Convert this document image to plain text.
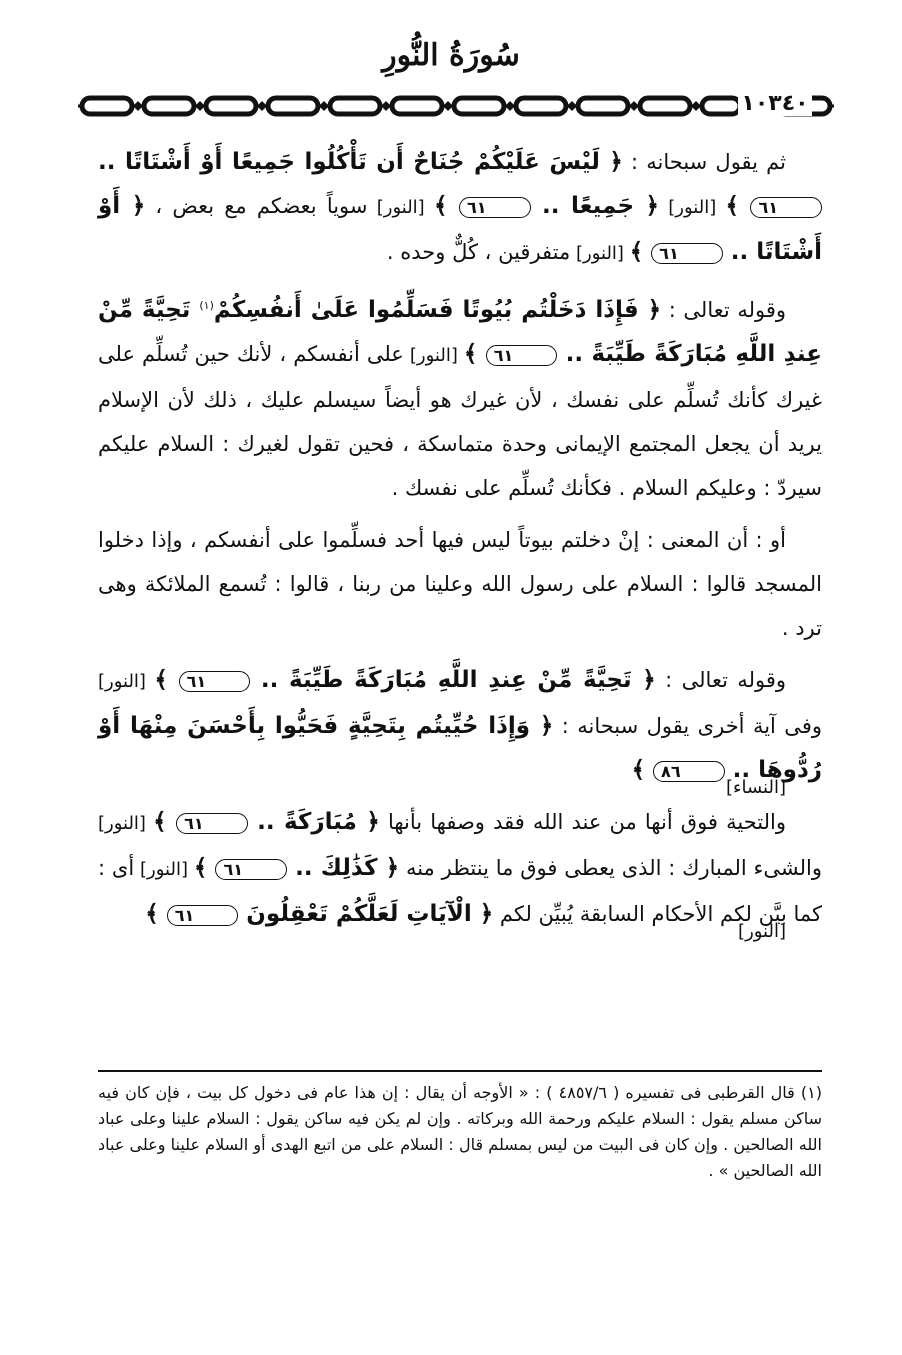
سُورَةُ النُّورِ
١٠٣٤٠

ثم يقول سبحانه : ﴿ لَيْسَ عَلَيْكُمْ جُنَاحٌ أَن تَأْكُلُوا جَمِيعًا أَوْ أَشْتَاتًا .. ٦١ ﴾ [النور] ﴿ جَمِيعًا .. ٦١ ﴾ [النور] سوياً بعضكم مع بعض ، ﴿ أَوْ أَشْتَاتًا .. ٦١ ﴾ [النور] متفرقين ، كُلٌّ وحده .

وقوله تعالى : ﴿ فَإِذَا دَخَلْتُم بُيُوتًا فَسَلِّمُوا عَلَىٰ أَنفُسِكُمْ$^{(١)}$ تَحِيَّةً مِّنْ عِندِ اللَّهِ مُبَارَكَةً طَيِّبَةً .. ٦١ ﴾ [النور] على أنفسكم ، لأنك حين تُسلِّم على غيرك كأنك تُسلِّم على نفسك ، لأن غيرك هو أيضاً سيسلم عليك ، ذلك لأن الإسلام يريد أن يجعل المجتمع الإيمانى وحدة متماسكة ، فحين تقول لغيرك : السلام عليكم سيردّ : وعليكم السلام . فكأنك تُسلِّم على نفسك .

أو : أن المعنى : إنْ دخلتم بيوتاً ليس فيها أحد فسلِّموا على أنفسكم ، وإذا دخلوا المسجد قالوا : السلام على رسول الله وعلينا من ربنا ، قالوا : تُسمع الملائكة وهى ترد .

وقوله تعالى : ﴿ تَحِيَّةً مِّنْ عِندِ اللَّهِ مُبَارَكَةً طَيِّبَةً .. ٦١ ﴾ [النور] وفى آية أخرى يقول سبحانه : ﴿ وَإِذَا حُيِّيتُم بِتَحِيَّةٍ فَحَيُّوا بِأَحْسَنَ مِنْهَا أَوْ رُدُّوهَا .. ٨٦ ﴾
[النساء]

والتحية فوق أنها من عند الله فقد وصفها بأنها ﴿ مُبَارَكَةً .. ٦١ ﴾ [النور] والشىء المبارك : الذى يعطى فوق ما ينتظر منه ﴿ كَذَٰلِكَ .. ٦١ ﴾ [النور] أى : كما بيَّن لكم الأحكام السابقة يُبيِّن لكم ﴿ الْآيَاتِ لَعَلَّكُمْ تَعْقِلُونَ ٦١ ﴾
[النور]

(١) قال القرطبى فى تفسيره ( ٤٨٥٧/٦ ) : « الأوجه أن يقال : إن هذا عام فى دخول كل بيت ، فإن كان فيه ساكن مسلم يقول : السلام عليكم ورحمة الله وبركاته . وإن لم يكن فيه ساكن يقول : السلام علينا وعلى عباد الله الصالحين . وإن كان فى البيت من ليس بمسلم قال : السلام على من اتبع الهدى أو السلام علينا وعلى عباد الله الصالحين » .
